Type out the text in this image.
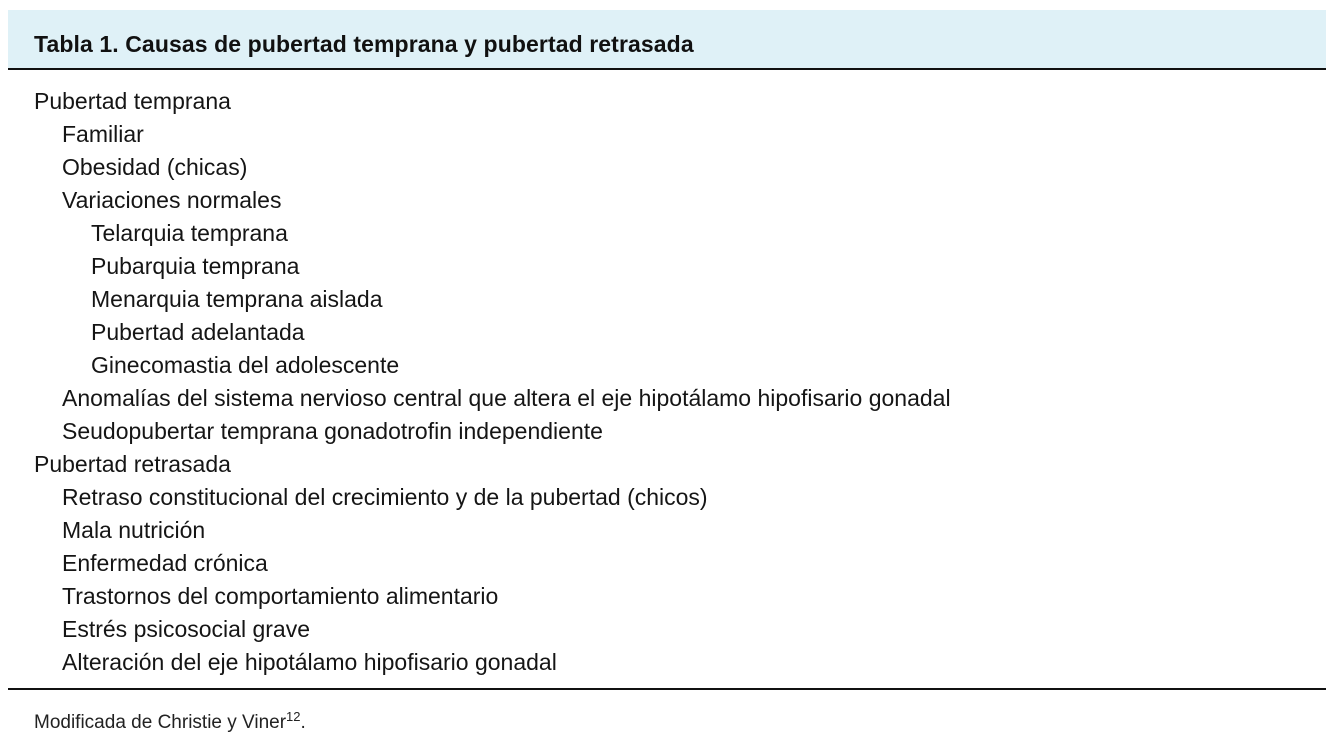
Tabla 1. Causas de pubertad temprana y pubertad retrasada
Pubertad temprana
Familiar
Obesidad (chicas)
Variaciones normales
Telarquia temprana
Pubarquia temprana
Menarquia temprana aislada
Pubertad adelantada
Ginecomastia del adolescente
Anomalías del sistema nervioso central que altera el eje hipotálamo hipofisario gonadal
Seudopubertar temprana gonadotrofin independiente
Pubertad retrasada
Retraso constitucional del crecimiento y de la pubertad (chicos)
Mala nutrición
Enfermedad crónica
Trastornos del comportamiento alimentario
Estrés psicosocial grave
Alteración del eje hipotálamo hipofisario gonadal
Modificada de Christie y Viner$^{12}$.
